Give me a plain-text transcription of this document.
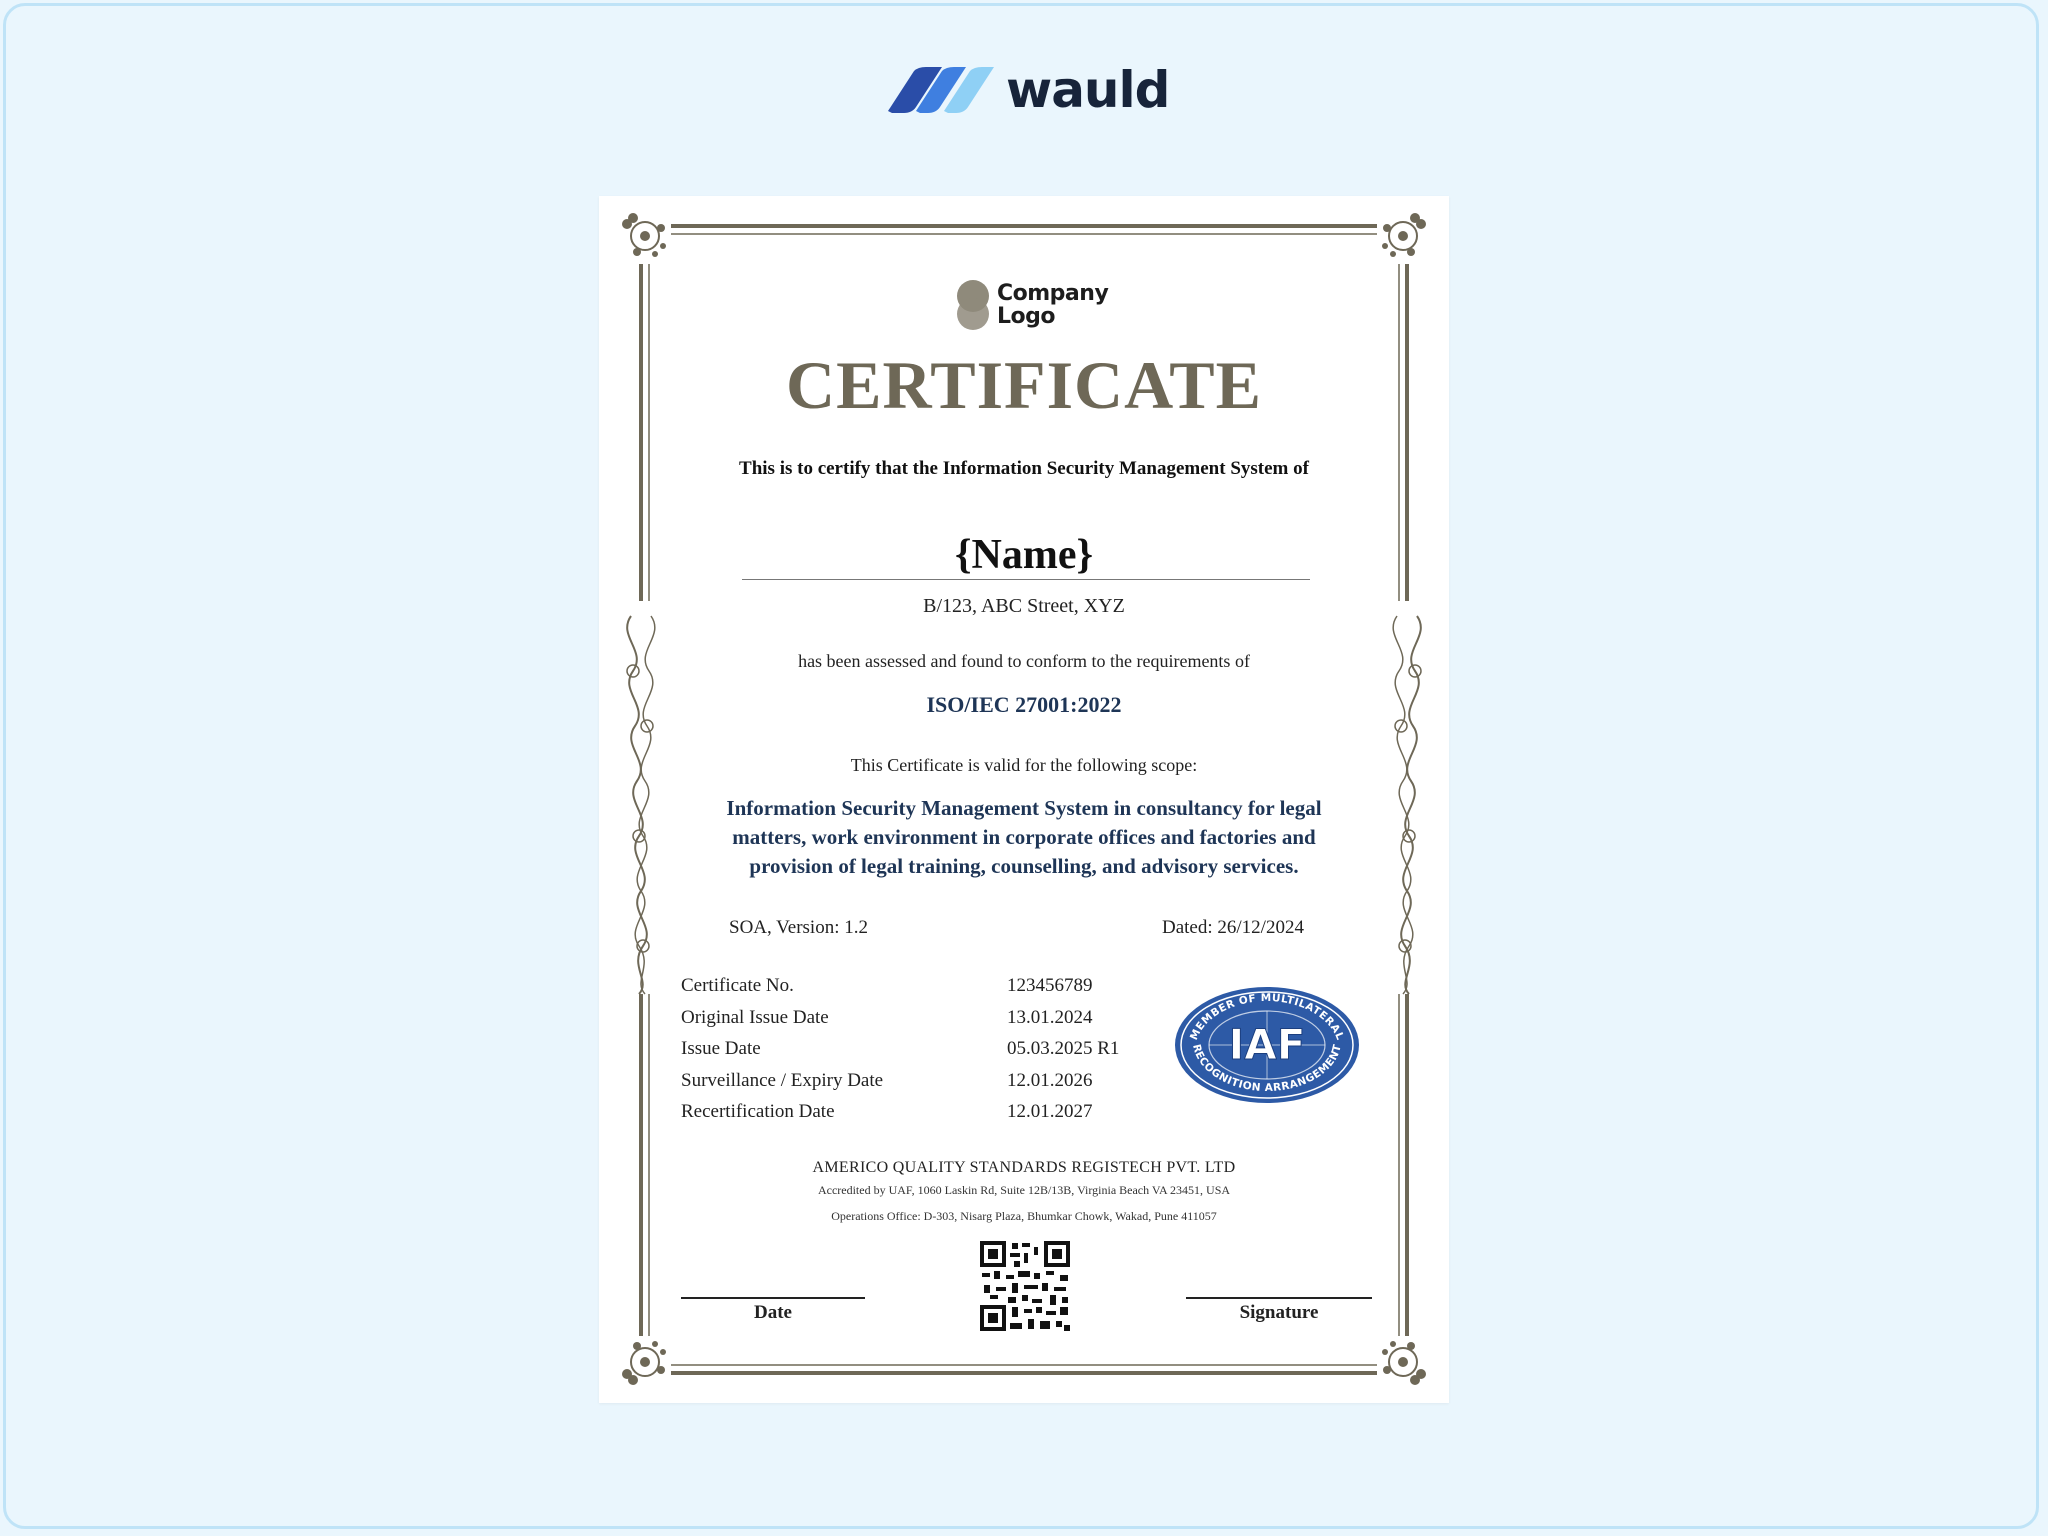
wauld
Company
Logo
CERTIFICATE
This is to certify that the Information Security Management System of
{Name}
B/123, ABC Street, XYZ
has been assessed and found to conform to the requirements of
ISO/IEC 27001:2022
This Certificate is valid for the following scope:
Information Security Management System in consultancy for legal
matters, work environment in corporate offices and factories and
provision of legal training, counselling, and advisory services.
SOA, Version: 1.2	Dated: 26/12/2024
Certificate No.	123456789
Original Issue Date	13.01.2024
Issue Date	05.03.2025 R1
Surveillance / Expiry Date	12.01.2026
Recertification Date	12.01.2027
MEMBER OF MULTILATERAL
RECOGNITION ARRANGEMENT
IAF
AMERICO QUALITY STANDARDS REGISTECH PVT. LTD
Accredited by UAF, 1060 Laskin Rd, Suite 12B/13B, Virginia Beach VA 23451, USA
Operations Office: D-303, Nisarg Plaza, Bhumkar Chowk, Wakad, Pune 411057
Date	Signature
